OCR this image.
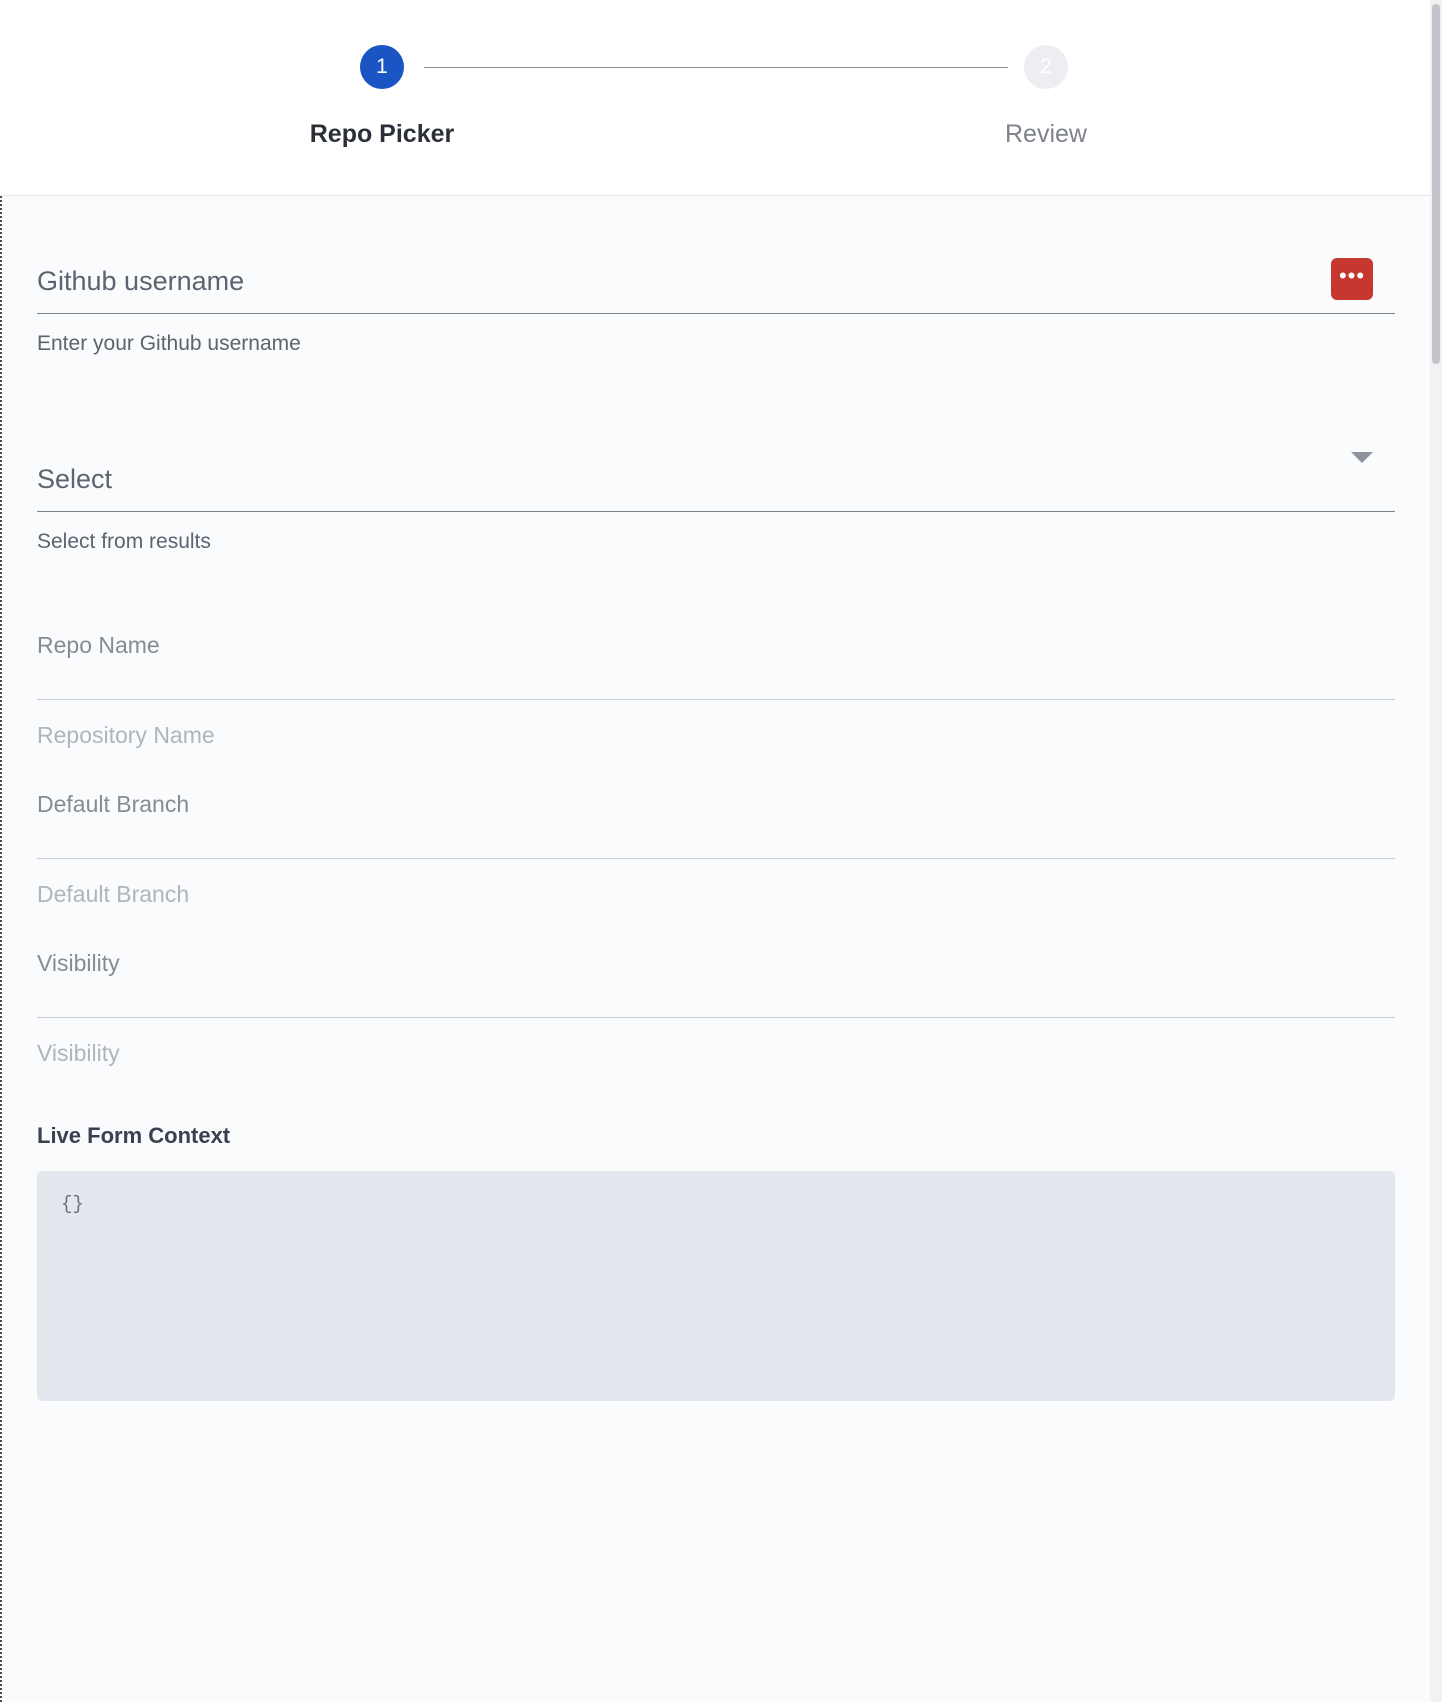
1	2
Repo Picker	Review
Github username	•••
Enter your Github username
Select
Select from results
Repo Name
Repository Name
Default Branch
Default Branch
Visibility
Visibility
Live Form Context
{}
